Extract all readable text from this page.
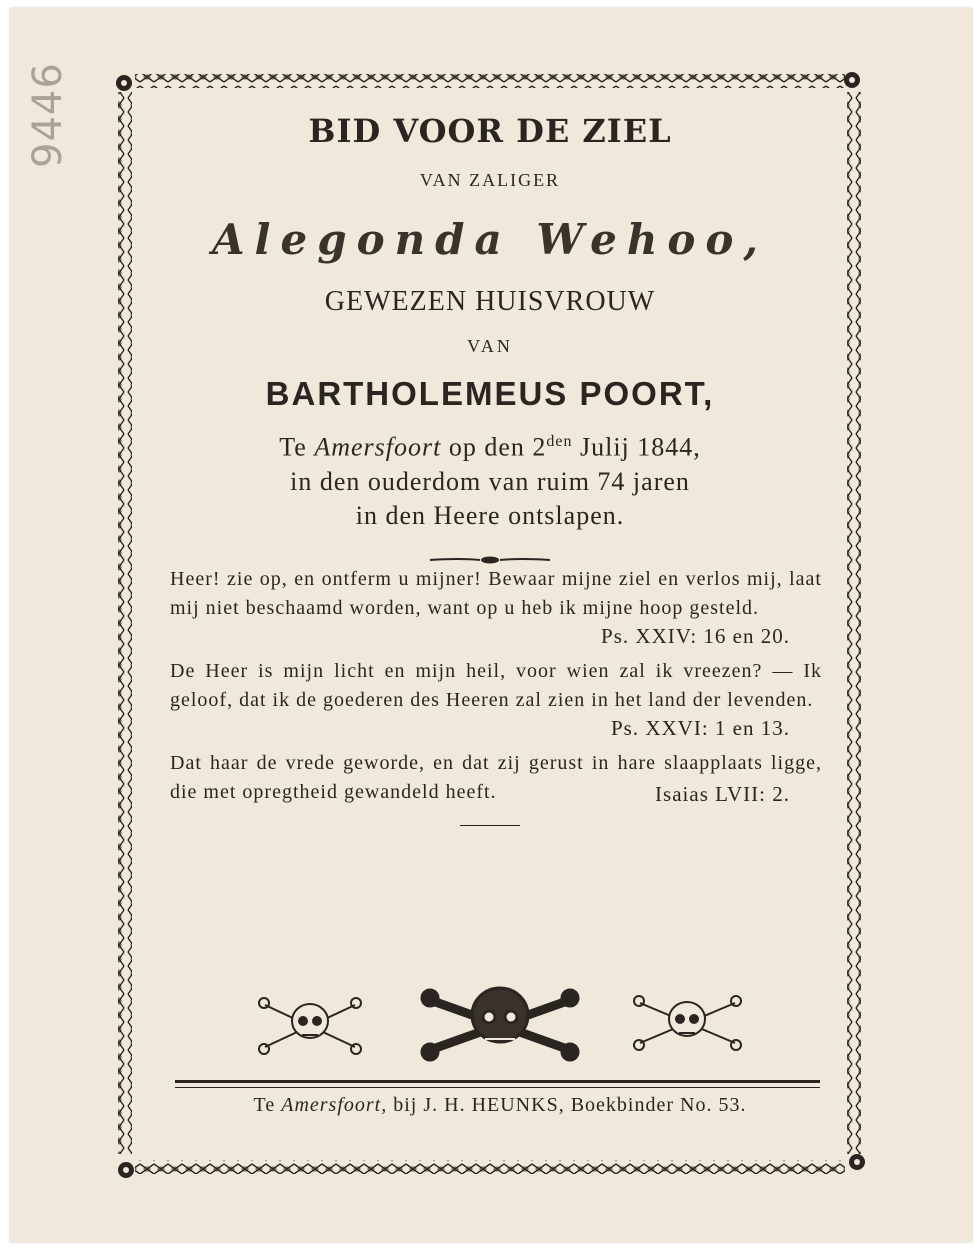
9446	BID VOOR DE ZIEL
VAN ZALIGER
Alegonda Wehoo,
GEWEZEN HUISVROUW
VAN
BARTHOLEMEUS POORT,
Te Amersfoort op den $2^{den}$ Julij 1844,
in den ouderdom van ruim 74 jaren
in den Heere ontslapen.
Heer! zie op, en ontferm u mijner! Bewaar mijne ziel en verlos mij, laat mij niet beschaamd worden, want op u heb ik mijne hoop gesteld.
Ps. XXIV: 16 en 20.
De Heer is mijn licht en mijn heil, voor wien zal ik vreezen? — Ik geloof, dat ik de goederen des Heeren zal zien in het land der levenden.
Ps. XXVI: 1 en 13.
Dat haar de vrede geworde, en dat zij gerust in hare slaapplaats ligge, die met opregtheid gewandeld heeft.	Isaias LVII: 2.
Te Amersfoort, bij J. H. HEUNKS, Boekbinder No. 53.
